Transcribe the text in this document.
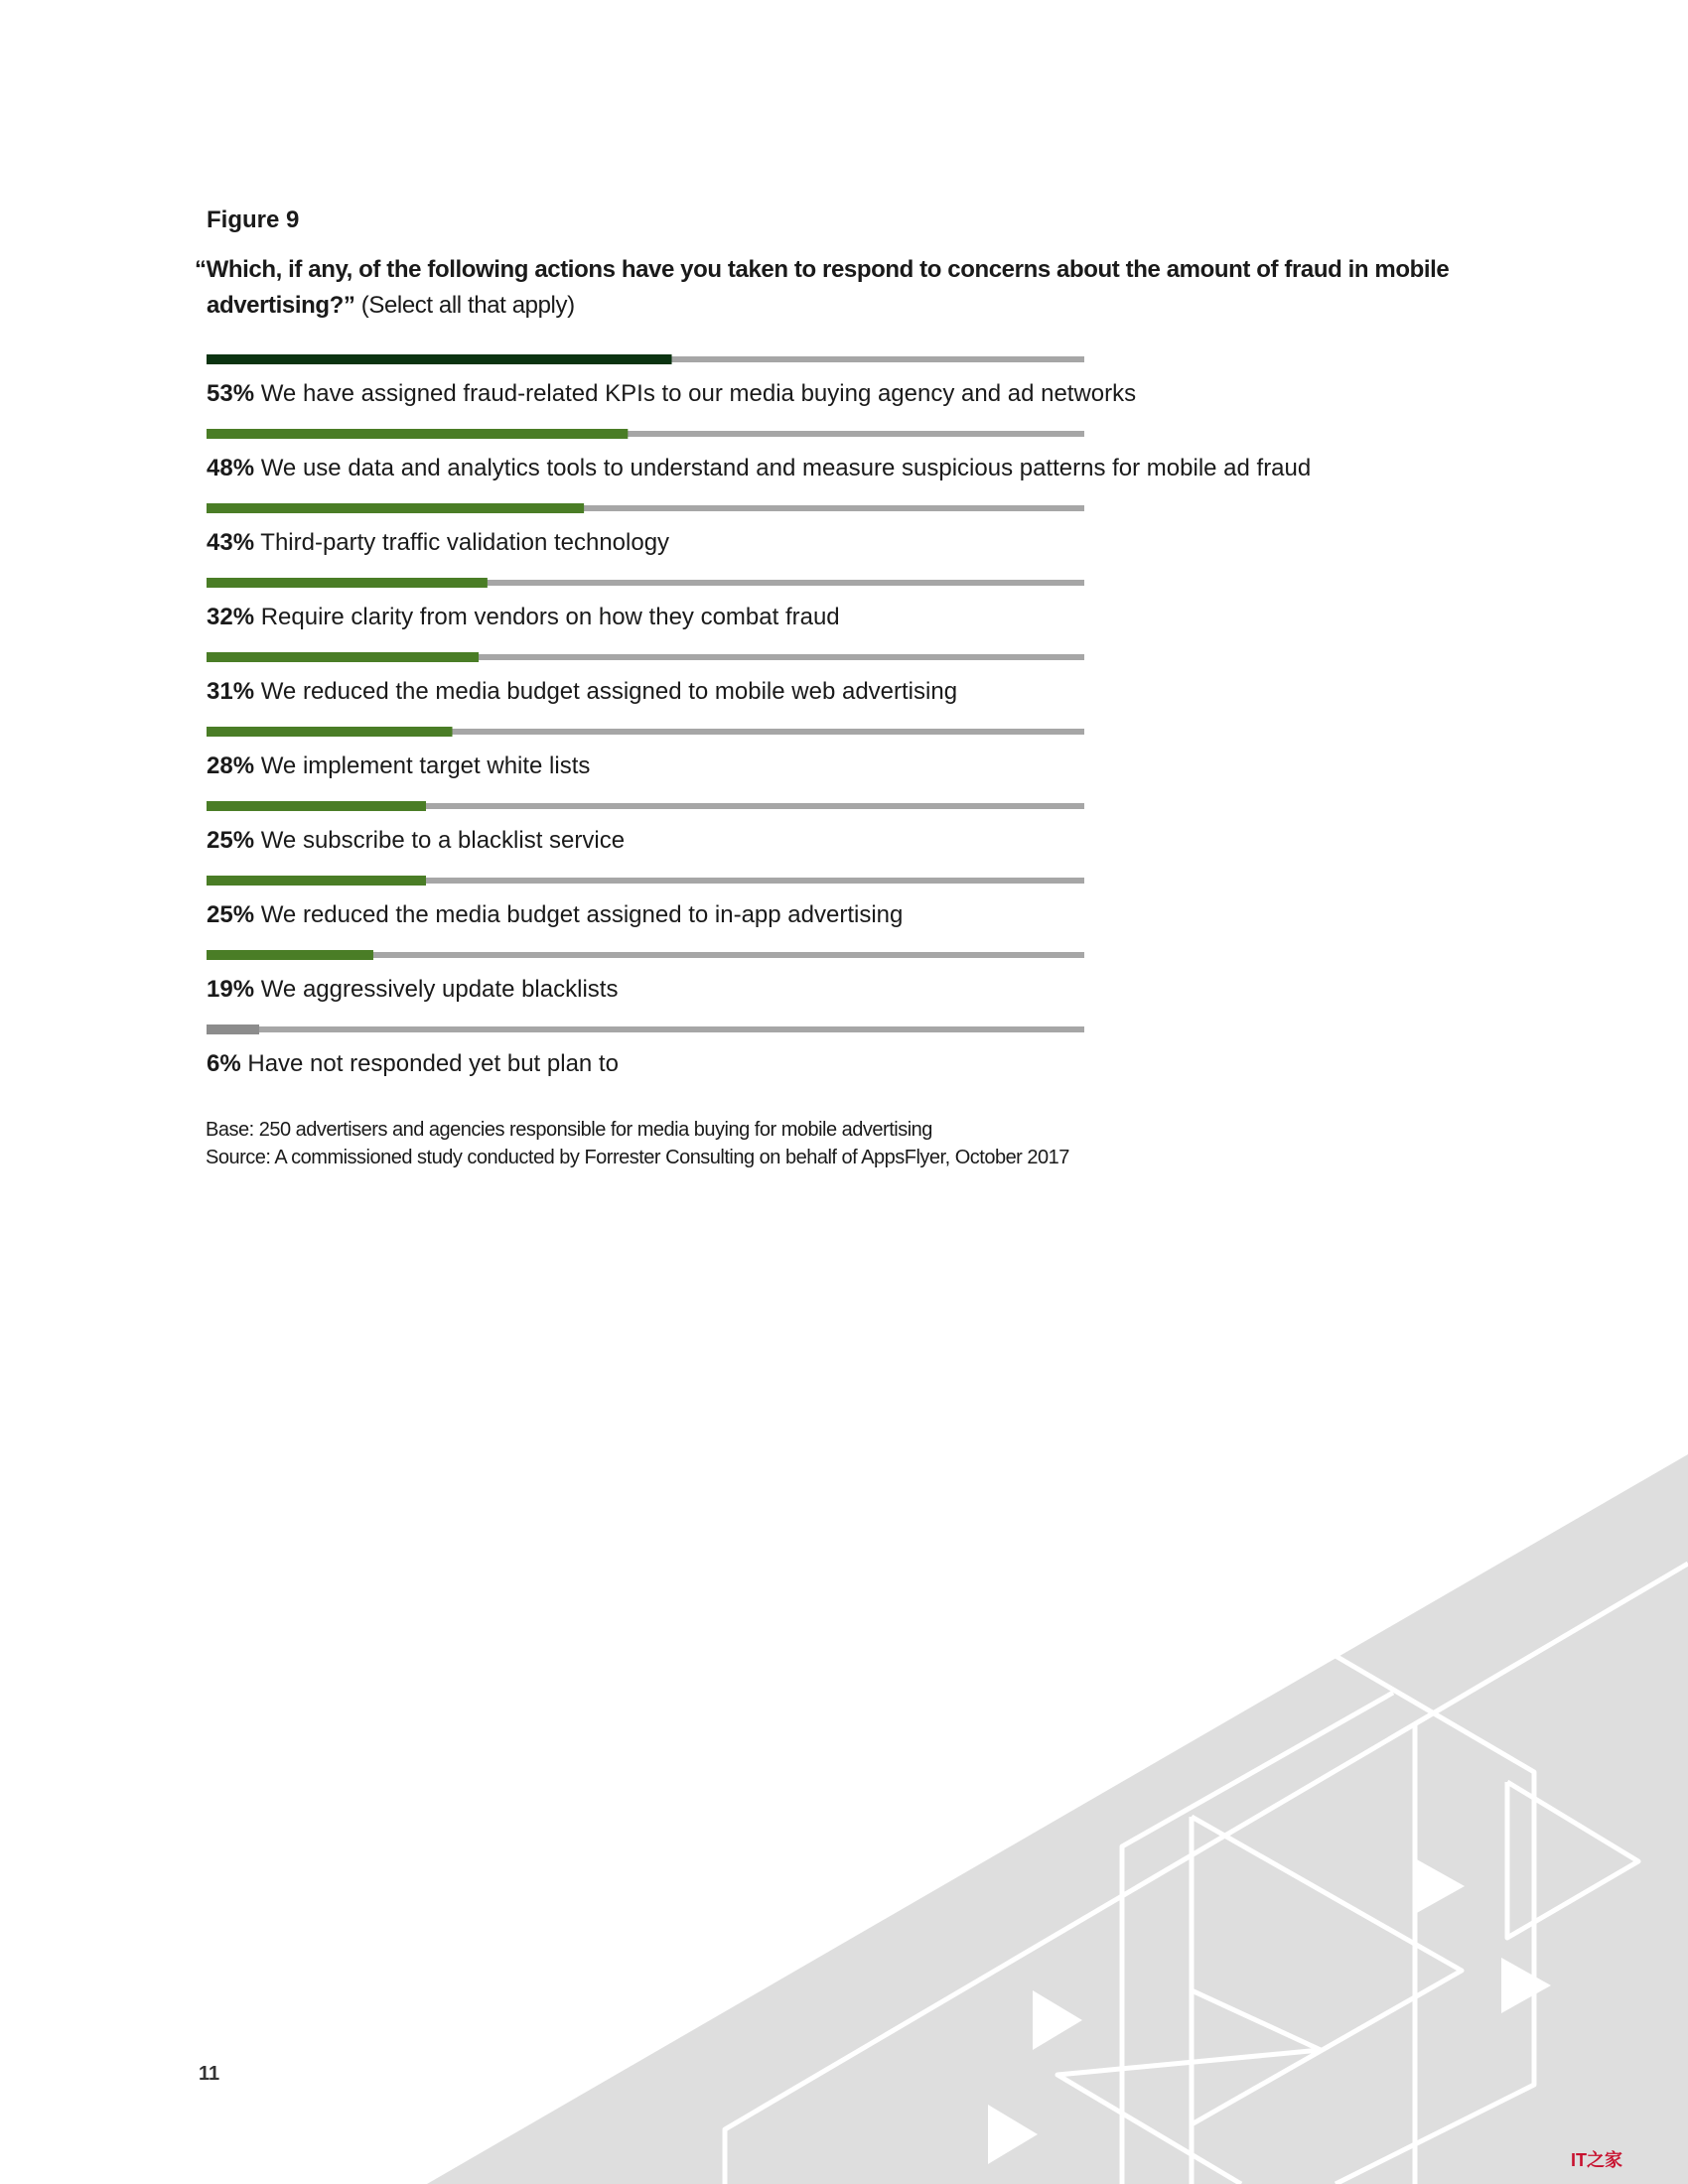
Figure 9

“Which, if any, of the following actions have you taken to respond to concerns about the amount of fraud in mobile
advertising?” (Select all that apply)

53% We have assigned fraud-related KPIs to our media buying agency and ad networks
48% We use data and analytics tools to understand and measure suspicious patterns for mobile ad fraud
43% Third-party traffic validation technology
32% Require clarity from vendors on how they combat fraud
31% We reduced the media budget assigned to mobile web advertising
28% We implement target white lists
25% We subscribe to a blacklist service
25% We reduced the media budget assigned to in-app advertising
19% We aggressively update blacklists
6% Have not responded yet but plan to
Base: 250 advertisers and agencies responsible for media buying for mobile advertising
Source: A commissioned study conducted by Forrester Consulting on behalf of AppsFlyer, October 2017
11
IT之家
